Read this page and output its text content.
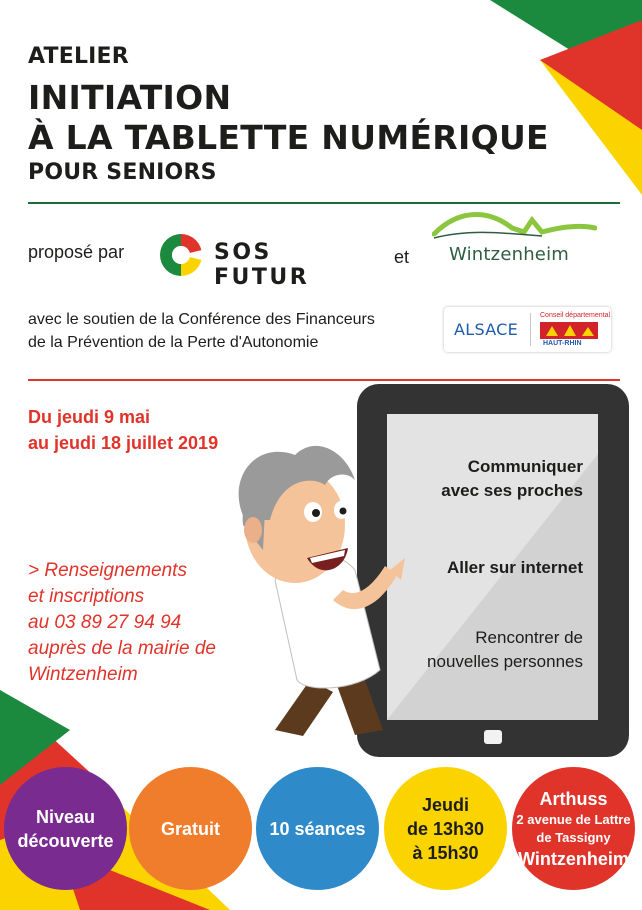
ATELIER
INITIATION
À LA TABLETTE NUMÉRIQUE
POUR SENIORS
proposé par	SOS FUTUR
et Wintzenheim
avec le soutien de la Conférence des Financeurs
de la Prévention de la Perte d'Autonomie
ALSACE
Conseil départemental
HAUT-RHIN
Du jeudi 9 mai
au jeudi 18 juillet 2019
> Renseignements
et inscriptions
au 03 89 27 94 94
auprès de la mairie de
Wintzenheim
Communiquer
avec ses proches
Aller sur internet
Rencontrer de
nouvelles personnes
Niveau
découverte
Gratuit	10 séances
Jeudi
de 13h30
à 15h30
Arthuss
2 avenue de Lattre
de Tassigny
Wintzenheim
